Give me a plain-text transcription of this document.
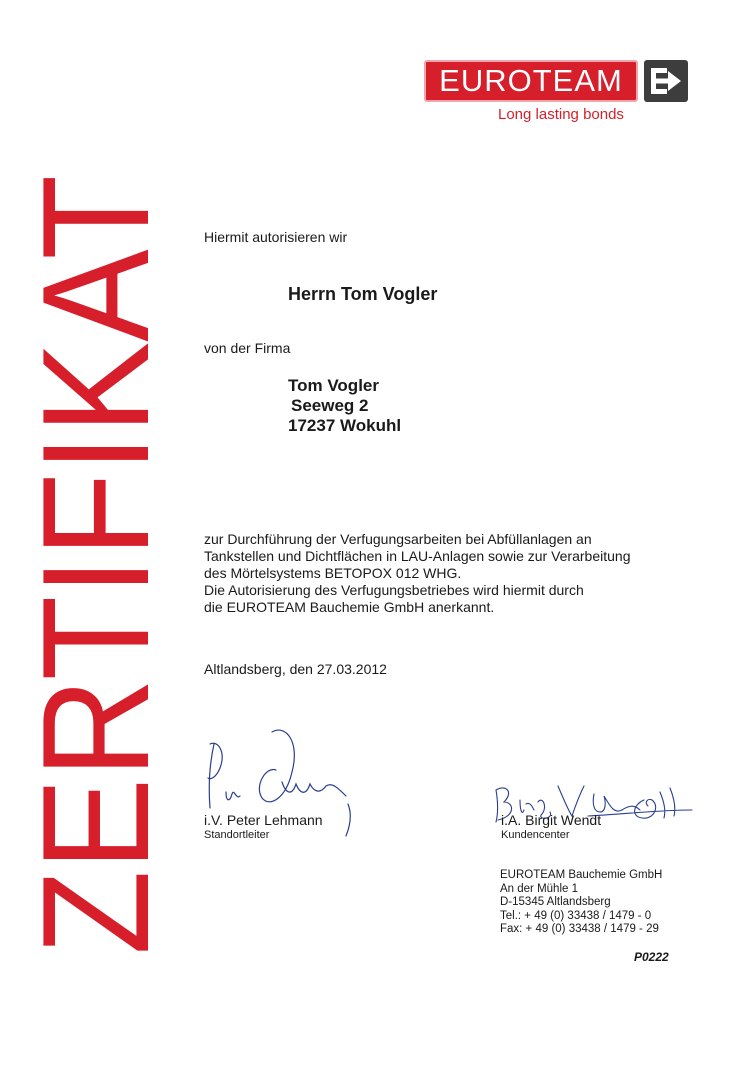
EUROTEAM
Long lasting bonds
ZERTIFIKAT Hiermit autorisieren wir
Herrn Tom Vogler
von der Firma
Tom Vogler
Seeweg 2
17237 Wokuhl
zur Durchführung der Verfugungsarbeiten bei Abfüllanlagen an
Tankstellen und Dichtflächen in LAU-Anlagen sowie zur Verarbeitung
des Mörtelsystems BETOPOX 012 WHG.
Die Autorisierung des Verfugungsbetriebes wird hiermit durch
die EUROTEAM Bauchemie GmbH anerkannt.
Altlandsberg, den 27.03.2012
i.V. Peter Lehmann
Standortleiter
i.A. Birgit Wendt
Kundencenter
EUROTEAM Bauchemie GmbH
An der Mühle 1
D-15345 Altlandsberg
Tel.: + 49 (0) 33438 / 1479 - 0
Fax: + 49 (0) 33438 / 1479 - 29
P0222
